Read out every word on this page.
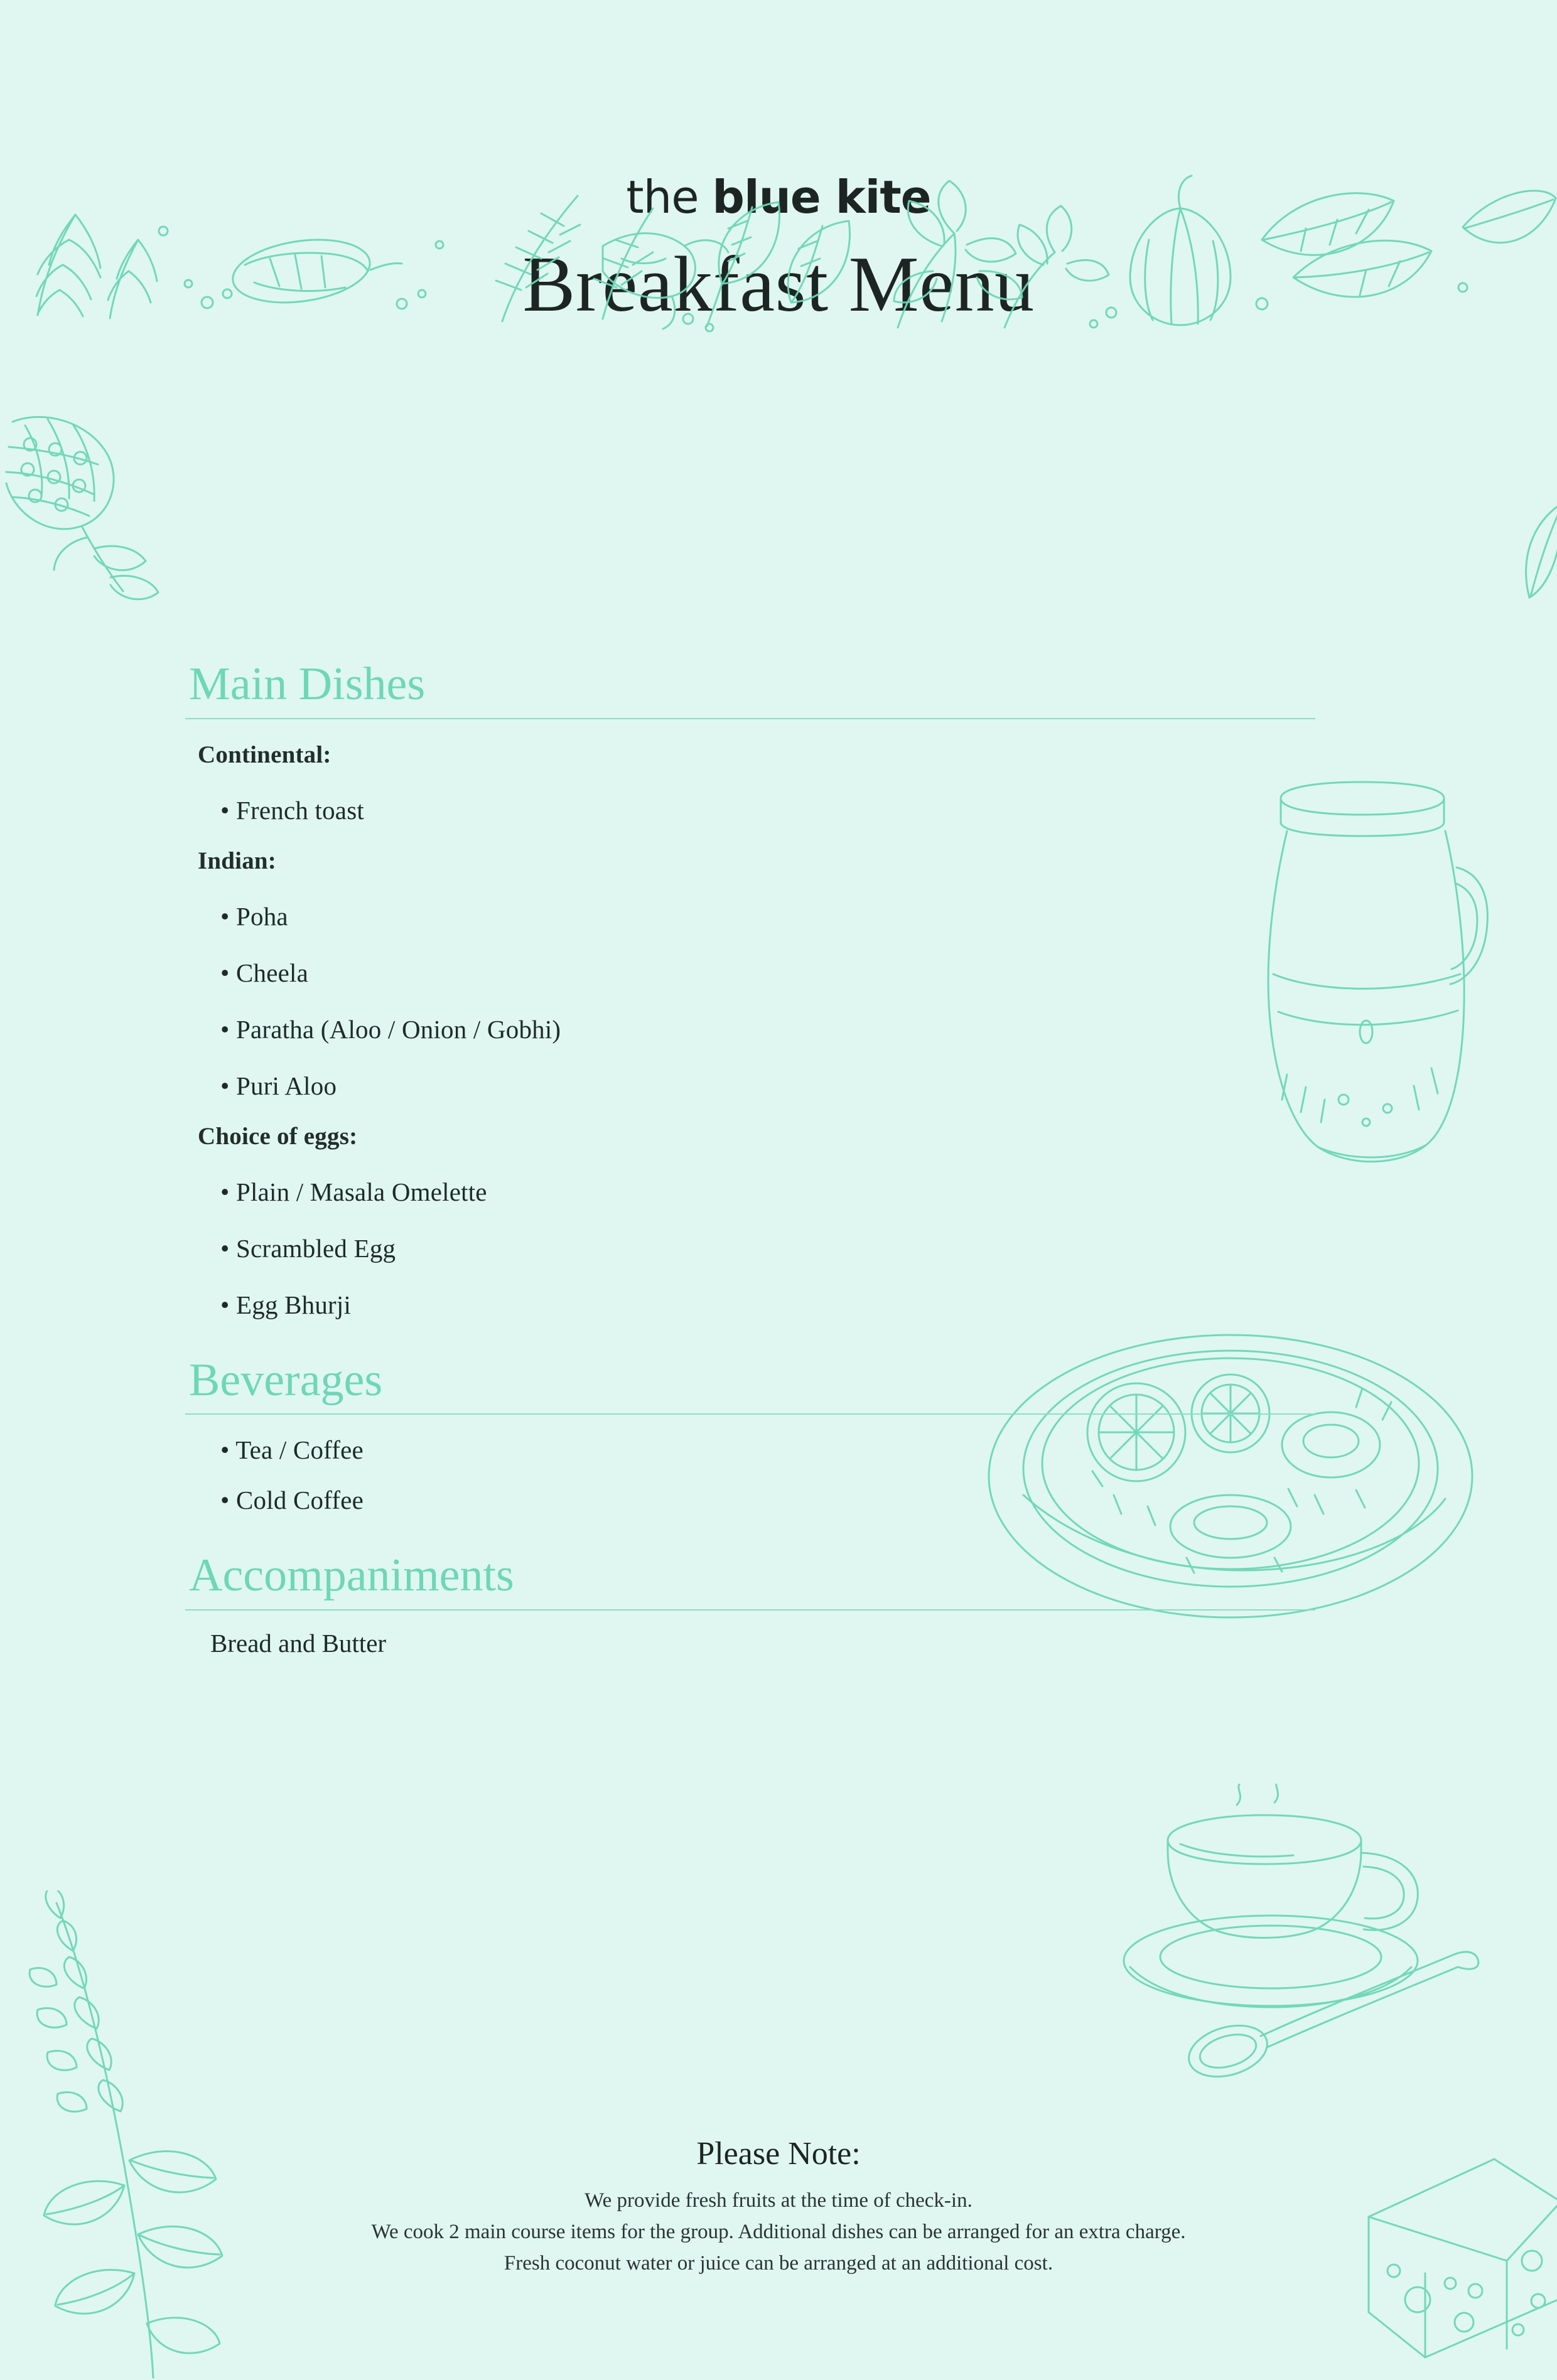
the blue kite
Breakfast Menu
Main Dishes
Continental:
• French toast
Indian:
• Poha
• Cheela
• Paratha (Aloo / Onion / Gobhi)
• Puri Aloo
Choice of eggs:
• Plain / Masala Omelette
• Scrambled Egg
• Egg Bhurji
Beverages
• Tea / Coffee
• Cold Coffee
Accompaniments
Bread and Butter
Please Note:
We provide fresh fruits at the time of check-in.
We cook 2 main course items for the group. Additional dishes can be arranged for an extra charge.
Fresh coconut water or juice can be arranged at an additional cost.
